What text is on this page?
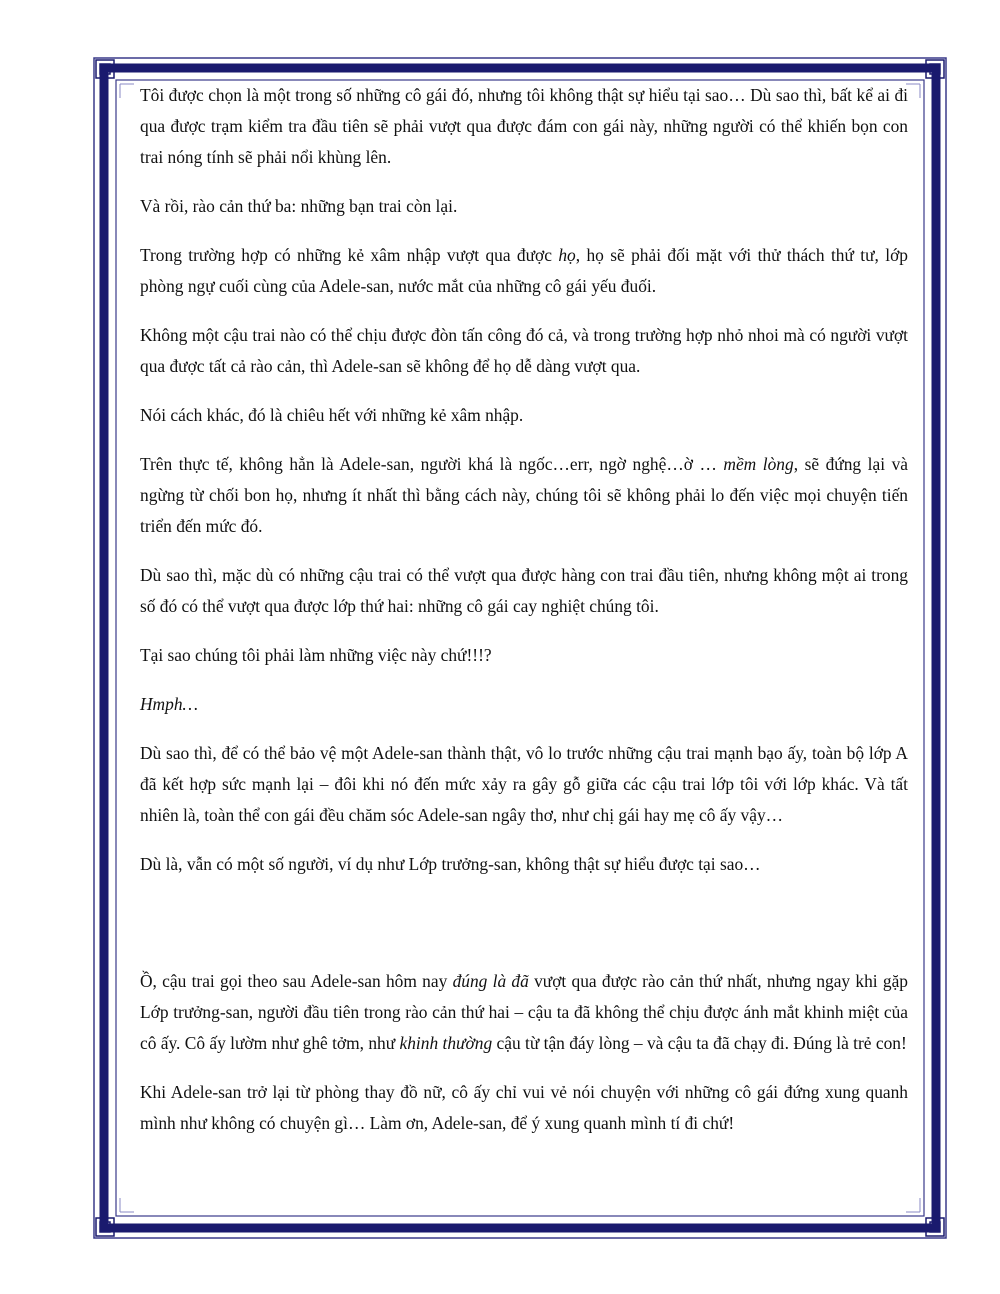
Tôi được chọn là một trong số những cô gái đó, nhưng tôi không thật sự hiểu tại sao… Dù sao thì, bất kể ai đi qua được trạm kiểm tra đầu tiên sẽ phải vượt qua được đám con gái này, những người có thể khiến bọn con trai nóng tính sẽ phải nổi khùng lên.

Và rồi, rào cản thứ ba: những bạn trai còn lại.

Trong trường hợp có những kẻ xâm nhập vượt qua được họ, họ sẽ phải đối mặt với thử thách thứ tư, lớp phòng ngự cuối cùng của Adele-san, nước mắt của những cô gái yếu đuối.

Không một cậu trai nào có thể chịu được đòn tấn công đó cả, và trong trường hợp nhỏ nhoi mà có người vượt qua được tất cả rào cản, thì Adele-san sẽ không để họ dễ dàng vượt qua.

Nói cách khác, đó là chiêu hết với những kẻ xâm nhập.

Trên thực tế, không hẳn là Adele-san, người khá là ngốc…err, ngờ nghệ…ờ … mềm lòng, sẽ đứng lại và ngừng từ chối bon họ, nhưng ít nhất thì bằng cách này, chúng tôi sẽ không phải lo đến việc mọi chuyện tiến triển đến mức đó.

Dù sao thì, mặc dù có những cậu trai có thể vượt qua được hàng con trai đầu tiên, nhưng không một ai trong số đó có thể vượt qua được lớp thứ hai: những cô gái cay nghiệt chúng tôi.

Tại sao chúng tôi phải làm những việc này chứ!!!?

Hmph…

Dù sao thì, để có thể bảo vệ một Adele-san thành thật, vô lo trước những cậu trai mạnh bạo ấy, toàn bộ lớp A đã kết hợp sức mạnh lại – đôi khi nó đến mức xảy ra gây gỗ giữa các cậu trai lớp tôi với lớp khác. Và tất nhiên là, toàn thể con gái đều chăm sóc Adele-san ngây thơ, như chị gái hay mẹ cô ấy vậy…

Dù là, vẫn có một số người, ví dụ như Lớp trưởng-san, không thật sự hiểu được tại sao…

Ồ, cậu trai gọi theo sau Adele-san hôm nay đúng là đã vượt qua được rào cản thứ nhất, nhưng ngay khi gặp Lớp trưởng-san, người đầu tiên trong rào cản thứ hai – cậu ta đã không thể chịu được ánh mắt khinh miệt của cô ấy. Cô ấy lườm như ghê tởm, như khinh thường cậu từ tận đáy lòng – và cậu ta đã chạy đi. Đúng là trẻ con!

Khi Adele-san trở lại từ phòng thay đồ nữ, cô ấy chỉ vui vẻ nói chuyện với những cô gái đứng xung quanh mình như không có chuyện gì… Làm ơn, Adele-san, để ý xung quanh mình tí đi chứ!
